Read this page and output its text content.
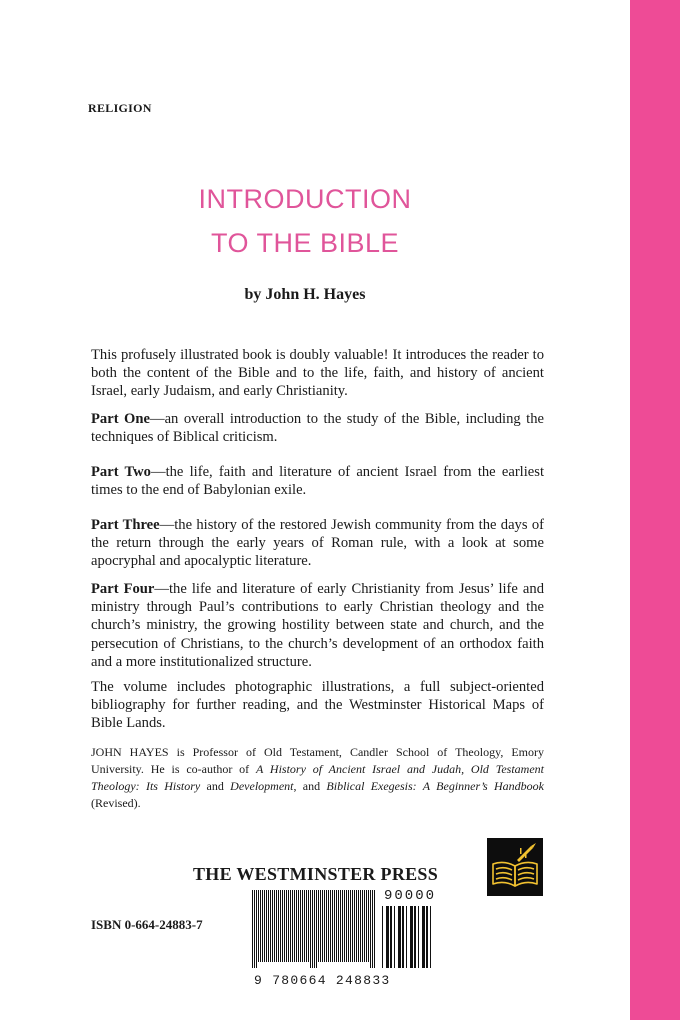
RELIGION
INTRODUCTION
TO THE BIBLE
by John H. Hayes

This profusely illustrated book is doubly valuable! It introduces the reader to both the content of the Bible and to the life, faith, and history of ancient Israel, early Judaism, and early Christianity.

Part One—an overall introduction to the study of the Bible, including the techniques of Biblical criticism.

Part Two—the life, faith and literature of ancient Israel from the earliest times to the end of Babylonian exile.

Part Three—the history of the restored Jewish community from the days of the return through the early years of Roman rule, with a look at some apocryphal and apocalyptic literature.

Part Four—the life and literature of early Christianity from Jesus’ life and ministry through Paul’s contributions to early Christian theology and the church’s ministry, the growing hostility between state and church, and the persecution of Christians, to the church’s development of an orthodox faith and a more institutionalized structure.

The volume includes photographic illustrations, a full subject-oriented bibliography for further reading, and the Westminster Historical Maps of Bible Lands.

JOHN HAYES is Professor of Old Testament, Candler School of Theology, Emory University. He is co-author of A History of Ancient Israel and Judah, Old Testament Theology: Its History and Development, and Biblical Exegesis: A Beginner’s Handbook (Revised).

THE WESTMINSTER PRESS
ISBN 0-664-24883-7
90000
9 780664 248833
